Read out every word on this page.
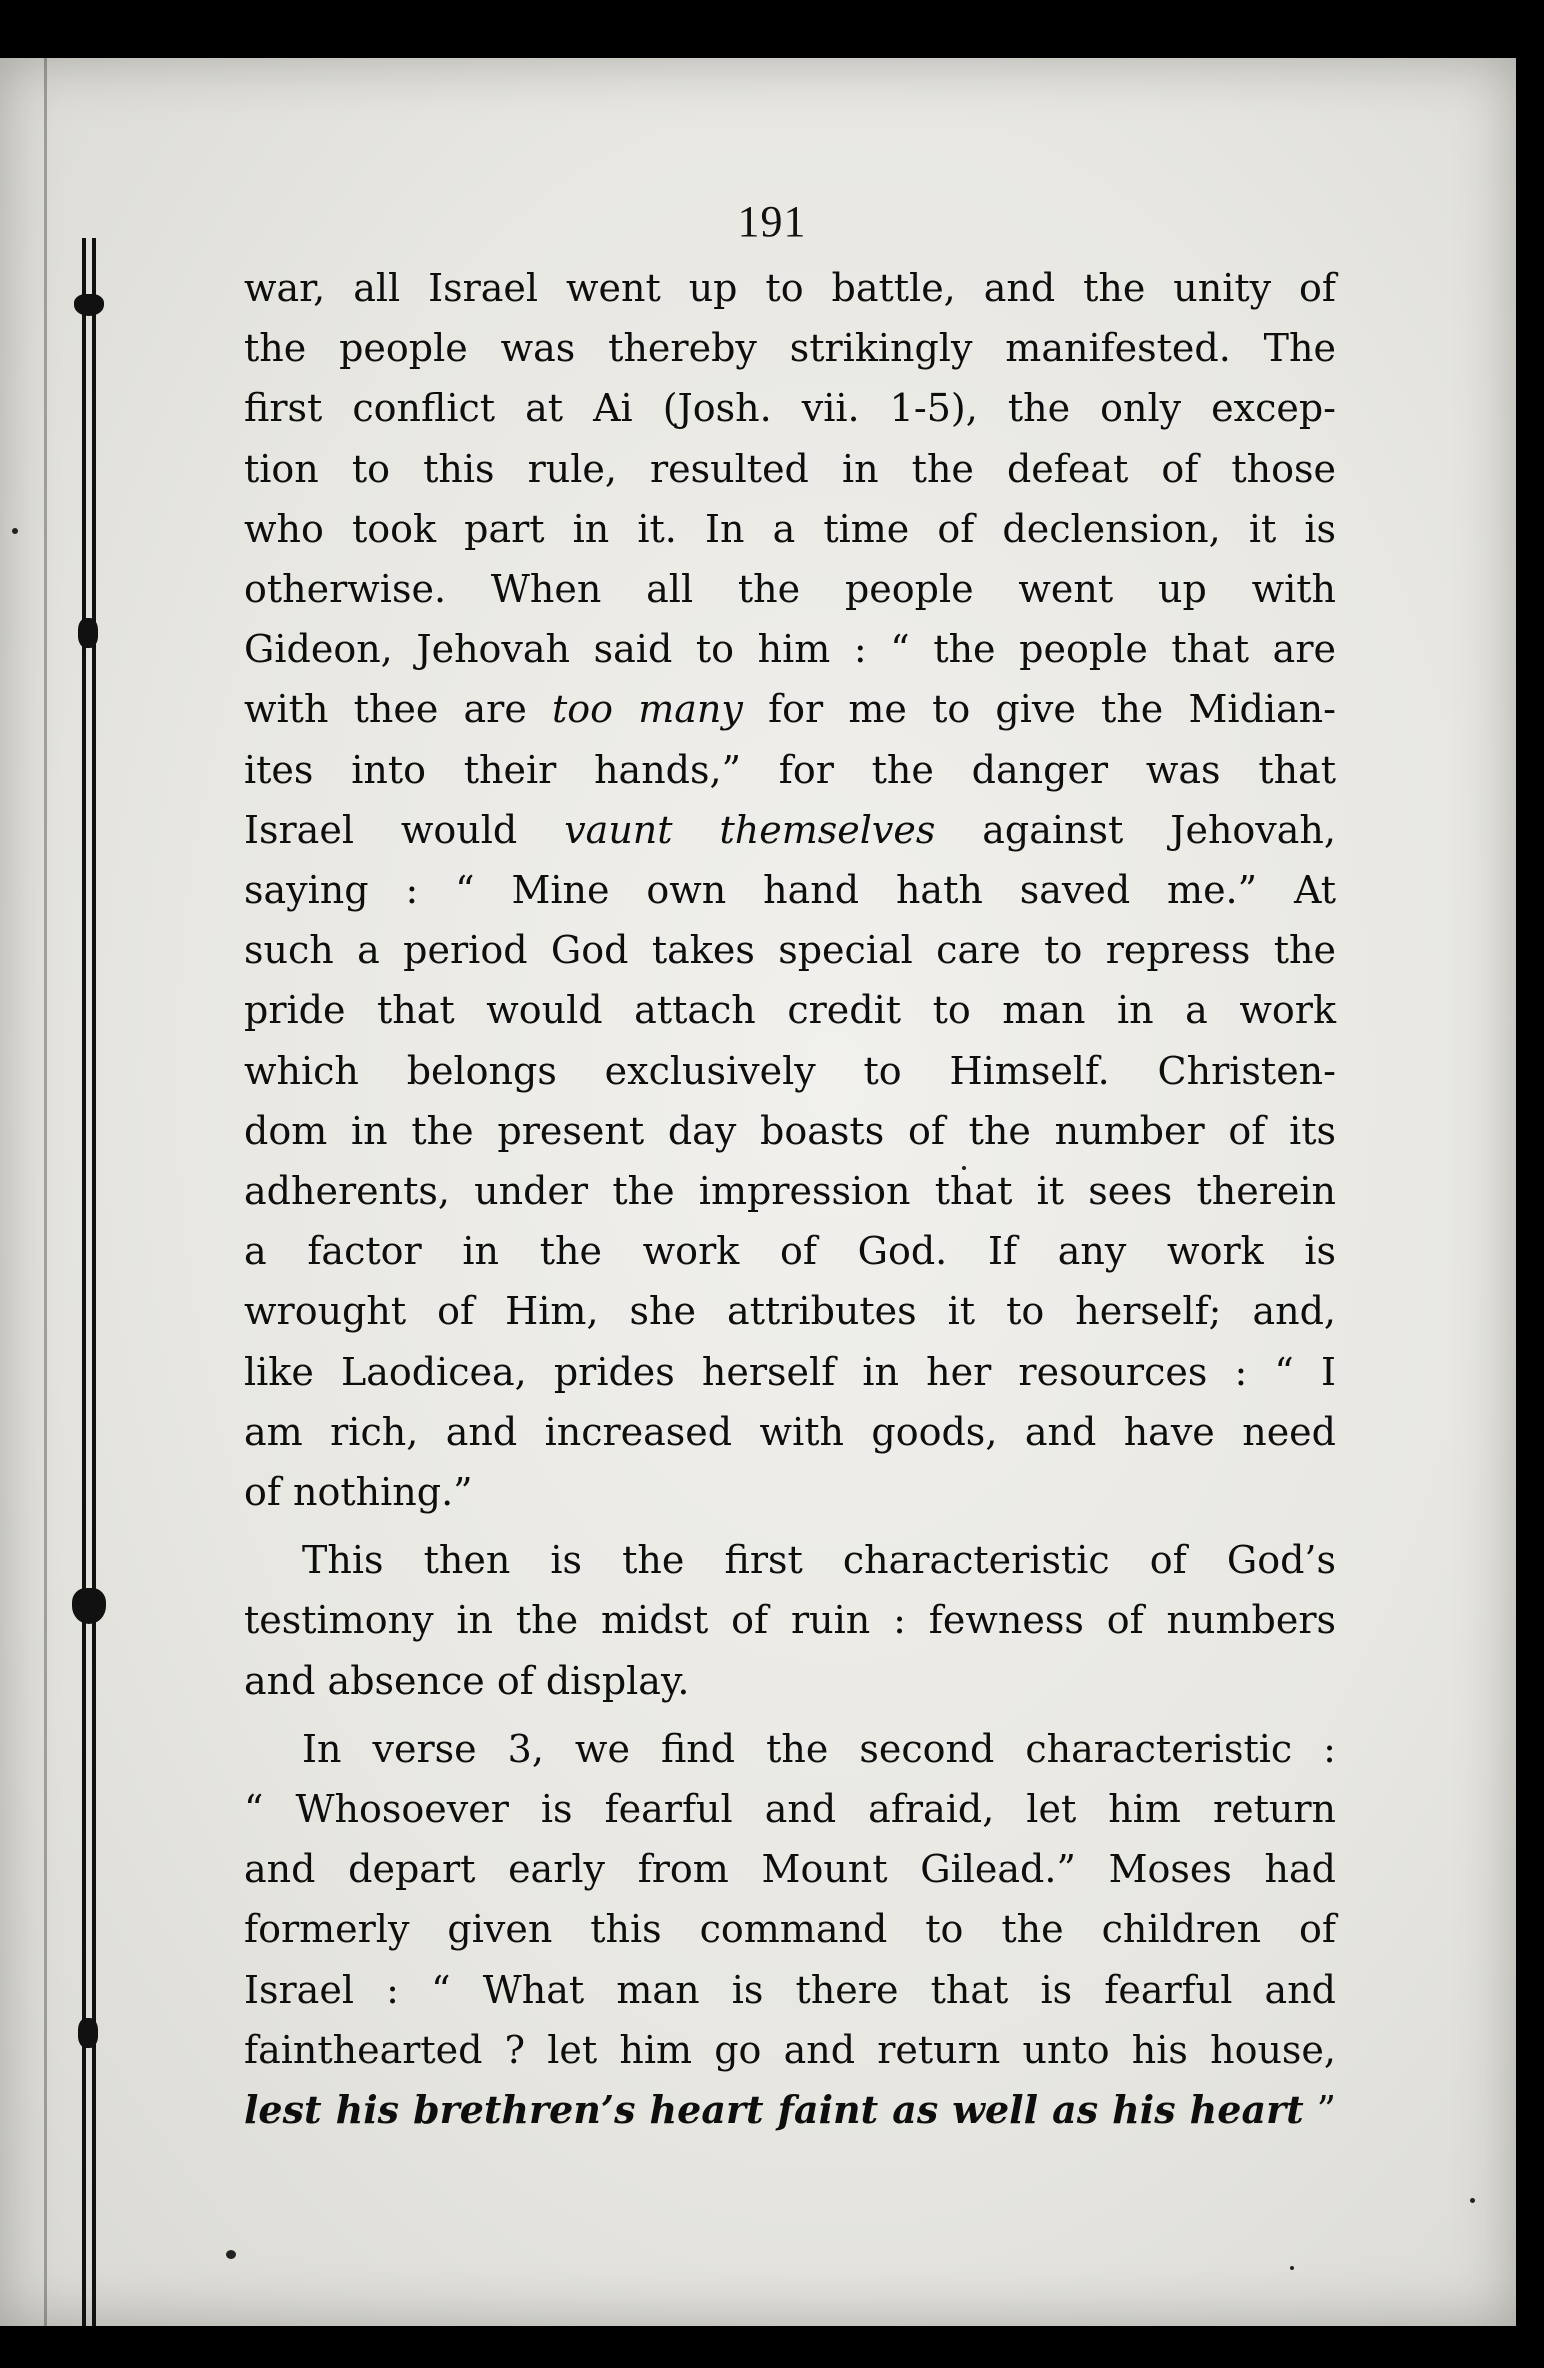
191
war, all Israel went up to battle, and the unity of
the people was thereby strikingly manifested. The
first conflict at Ai (Josh. vii. 1-5), the only excep-
tion to this rule, resulted in the defeat of those
who took part in it. In a time of declension, it is
otherwise. When all the people went up with
Gideon, Jehovah said to him : “ the people that are
with thee are too many for me to give the Midian-
ites into their hands,” for the danger was that
Israel would vaunt themselves against Jehovah,
saying : “ Mine own hand hath saved me.” At
such a period God takes special care to repress the
pride that would attach credit to man in a work
which belongs exclusively to Himself. Christen-
dom in the present day boasts of the number of its
adherents, under the impression that it sees therein
a factor in the work of God. If any work is
wrought of Him, she attributes it to herself; and,
like Laodicea, prides herself in her resources : “ I
am rich, and increased with goods, and have need
of nothing.”
This then is the first characteristic of God’s
testimony in the midst of ruin : fewness of numbers
and absence of display.
In verse 3, we find the second characteristic :
“ Whosoever is fearful and afraid, let him return
and depart early from Mount Gilead.” Moses had
formerly given this command to the children of
Israel : “ What man is there that is fearful and
fainthearted ? let him go and return unto his house,
lest his brethren’s heart faint as well as his heart ”
